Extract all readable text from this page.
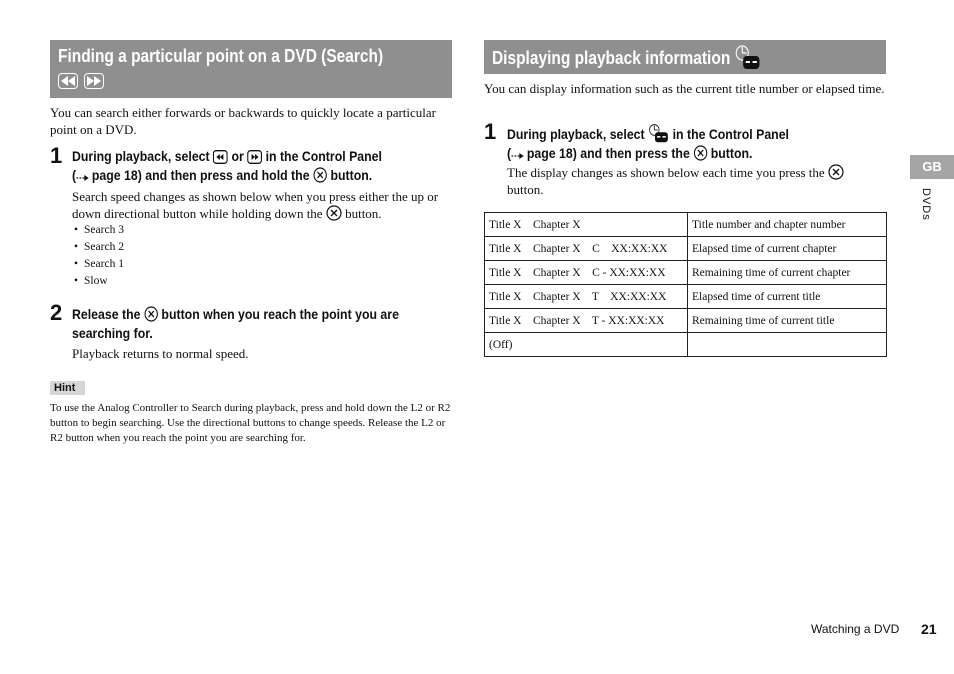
Finding a particular point on a DVD (Search)

You can search either forwards or backwards to quickly locate a particular point on a DVD.
1 During playback, select or in the Control Panel
( page 18) and then press and hold the button.
Search speed changes as shown below when you press either the up or down directional button while holding down the button.
• Search 3
• Search 2
• Search 1
• Slow
2 Release the button when you reach the point you are
searching for.
Playback returns to normal speed.
Hint
To use the Analog Controller to Search during playback, press and hold down the L2 or R2 button to begin searching. Use the directional buttons to change speeds. Release the L2 or R2 button when you reach the point you are searching for.
Displaying playback information
You can display information such as the current title number or elapsed time.
1 During playback, select in the Control Panel
( page 18) and then press the button.
The display changes as shown below each time you press the
button.
Title X    Chapter X	Title number and chapter number
Title X    Chapter X    C    XX:XX:XX	Elapsed time of current chapter
Title X    Chapter X    C - XX:XX:XX	Remaining time of current chapter
Title X    Chapter X    T    XX:XX:XX	Elapsed time of current title
Title X    Chapter X    T - XX:XX:XX	Remaining time of current title
(Off)	
GB
DVDs
Watching a DVD 21
